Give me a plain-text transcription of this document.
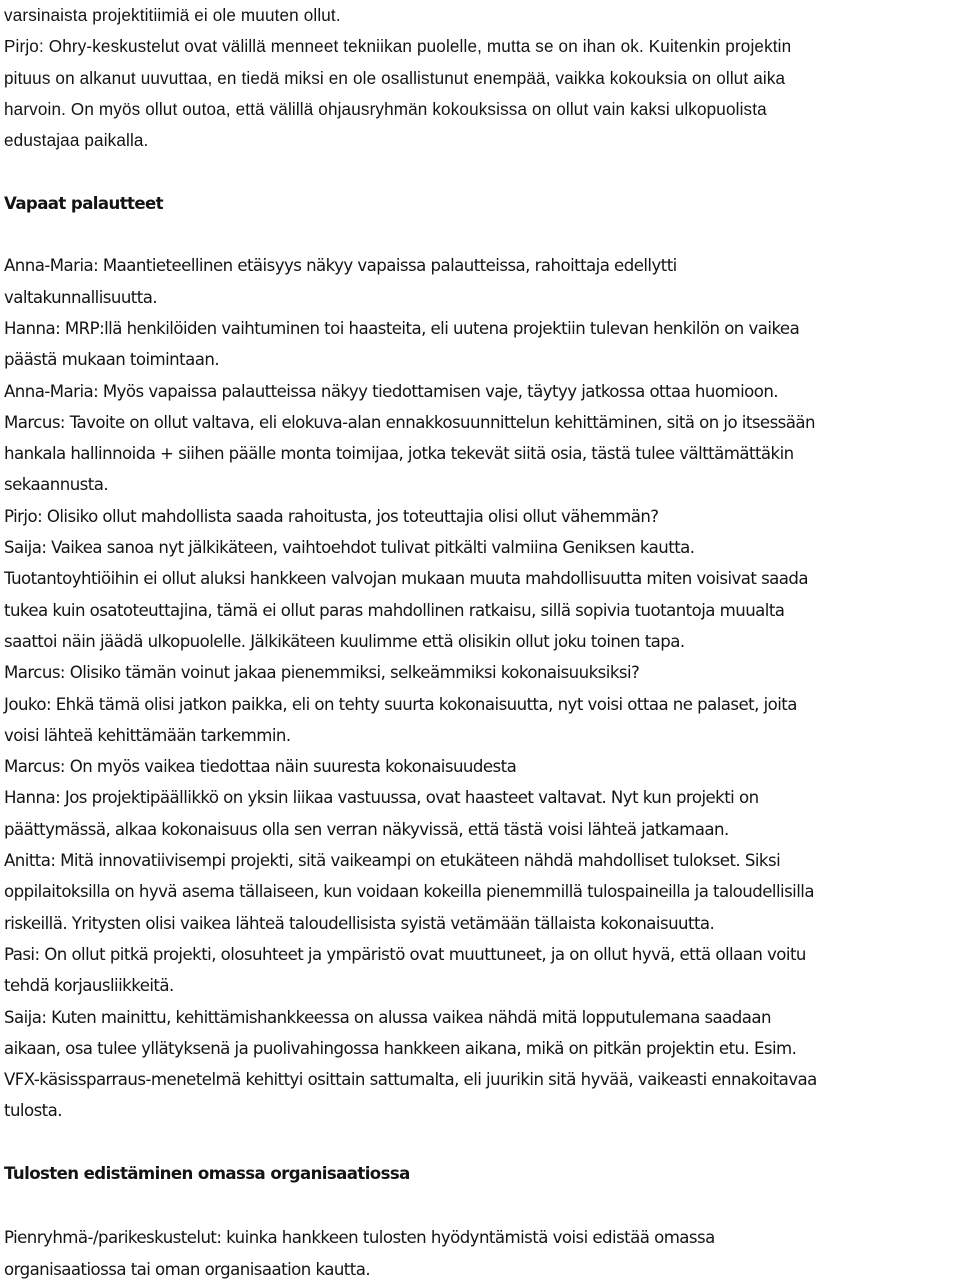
varsinaista projektitiimiä ei ole muuten ollut.
Pirjo: Ohry-keskustelut ovat välillä menneet tekniikan puolelle, mutta se on ihan ok. Kuitenkin projektin
pituus on alkanut uuvuttaa, en tiedä miksi en ole osallistunut enempää, vaikka kokouksia on ollut aika
harvoin. On myös ollut outoa, että välillä ohjausryhmän kokouksissa on ollut vain kaksi ulkopuolista
edustajaa paikalla.
Vapaat palautteet
Anna-Maria: Maantieteellinen etäisyys näkyy vapaissa palautteissa, rahoittaja edellytti
valtakunnallisuutta.
Hanna: MRP:llä henkilöiden vaihtuminen toi haasteita, eli uutena projektiin tulevan henkilön on vaikea
päästä mukaan toimintaan.
Anna-Maria: Myös vapaissa palautteissa näkyy tiedottamisen vaje, täytyy jatkossa ottaa huomioon.
Marcus: Tavoite on ollut valtava, eli elokuva-alan ennakkosuunnittelun kehittäminen, sitä on jo itsessään
hankala hallinnoida + siihen päälle monta toimijaa, jotka tekevät siitä osia, tästä tulee välttämättäkin
sekaannusta.
Pirjo: Olisiko ollut mahdollista saada rahoitusta, jos toteuttajia olisi ollut vähemmän?
Saija: Vaikea sanoa nyt jälkikäteen, vaihtoehdot tulivat pitkälti valmiina Geniksen kautta.
Tuotantoyhtiöihin ei ollut aluksi hankkeen valvojan mukaan muuta mahdollisuutta miten voisivat saada
tukea kuin osatoteuttajina, tämä ei ollut paras mahdollinen ratkaisu, sillä sopivia tuotantoja muualta
saattoi näin jäädä ulkopuolelle. Jälkikäteen kuulimme että olisikin ollut joku toinen tapa.
Marcus: Olisiko tämän voinut jakaa pienemmiksi, selkeämmiksi kokonaisuuksiksi?
Jouko: Ehkä tämä olisi jatkon paikka, eli on tehty suurta kokonaisuutta, nyt voisi ottaa ne palaset, joita
voisi lähteä kehittämään tarkemmin.
Marcus: On myös vaikea tiedottaa näin suuresta kokonaisuudesta
Hanna: Jos projektipäällikkö on yksin liikaa vastuussa, ovat haasteet valtavat. Nyt kun projekti on
päättymässä, alkaa kokonaisuus olla sen verran näkyvissä, että tästä voisi lähteä jatkamaan.
Anitta: Mitä innovatiivisempi projekti, sitä vaikeampi on etukäteen nähdä mahdolliset tulokset. Siksi
oppilaitoksilla on hyvä asema tällaiseen, kun voidaan kokeilla pienemmillä tulospaineilla ja taloudellisilla
riskeillä. Yritysten olisi vaikea lähteä taloudellisista syistä vetämään tällaista kokonaisuutta.
Pasi: On ollut pitkä projekti, olosuhteet ja ympäristö ovat muuttuneet, ja on ollut hyvä, että ollaan voitu
tehdä korjausliikkeitä.
Saija: Kuten mainittu, kehittämishankkeessa on alussa vaikea nähdä mitä lopputulemana saadaan
aikaan, osa tulee yllätyksenä ja puolivahingossa hankkeen aikana, mikä on pitkän projektin etu. Esim.
VFX-käsissparraus-menetelmä kehittyi osittain sattumalta, eli juurikin sitä hyvää, vaikeasti ennakoitavaa
tulosta.
Tulosten edistäminen omassa organisaatiossa
Pienryhmä-/parikeskustelut: kuinka hankkeen tulosten hyödyntämistä voisi edistää omassa
organisaatiossa tai oman organisaation kautta.
